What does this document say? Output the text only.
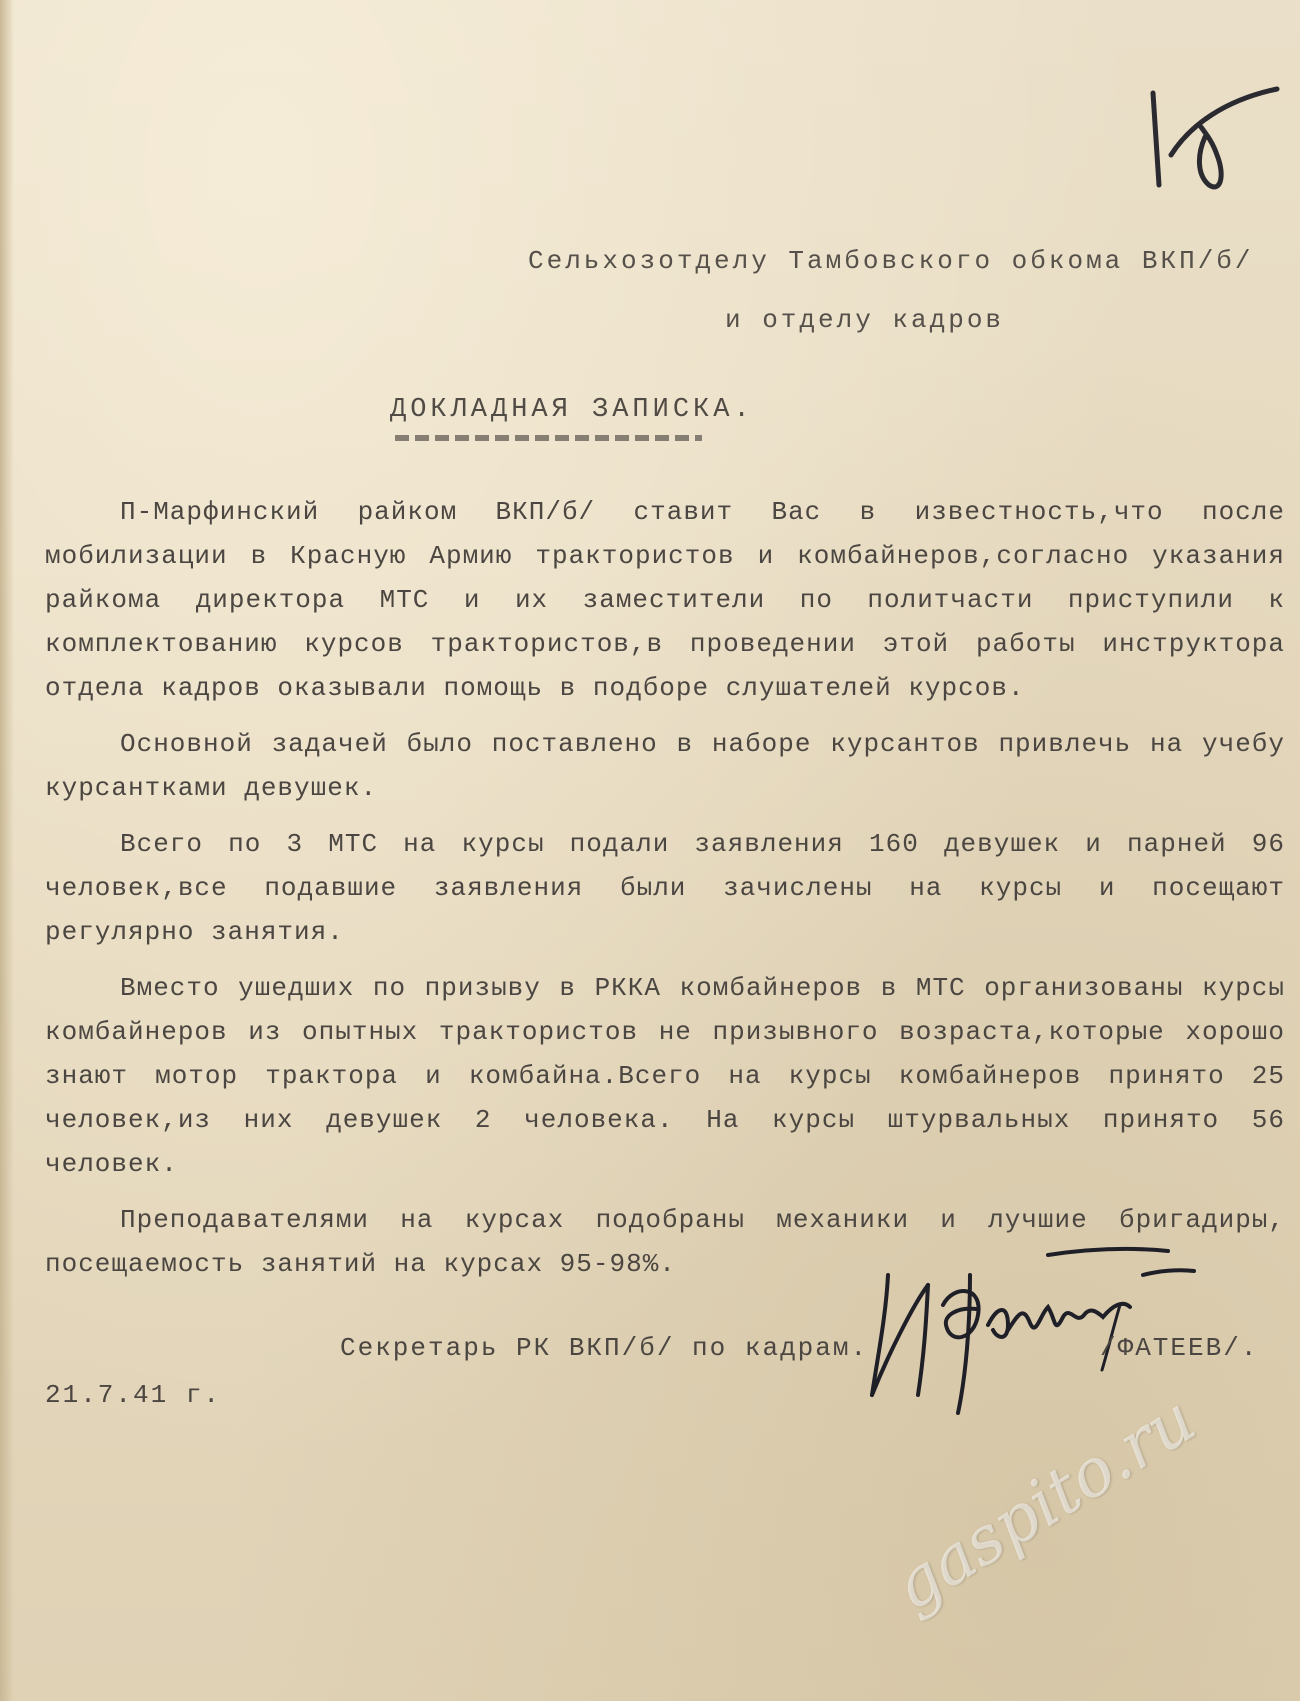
Сельхозотделу Тамбовского обкома ВКП/б/
и отделу кадров
ДОКЛАДНАЯ ЗАПИСКА.

П-Марфинский райком ВКП/б/ ставит Вас в известность,что после мобилизации в Красную Армию трактористов и комбайнеров,согласно указания райкома директора МТС и их заместители по политчасти приступили к комплектованию курсов трактористов,в проведении этой работы инструктора отдела кадров оказывали помощь в подборе слушателей курсов.

Основной задачей было поставлено в наборе курсантов привлечь на учебу курсантками девушек.

Всего по 3 МТС на курсы подали заявления 160 девушек и парней 96 человек,все подавшие заявления были зачислены на курсы и посещают регулярно занятия.

Вместо ушедших по призыву в РККА комбайнеров в МТС организованы курсы комбайнеров из опытных трактористов не призывного возраста,которые хорошо знают мотор трактора и комбайна.Всего на курсы комбайнеров принято 25 человек,из них девушек 2 человека. На курсы штурвальных принято 56 человек.

Преподавателями на курсах подобраны механики и лучшие бригадиры, посещаемость занятий на курсах 95-98%.

Секретарь РК ВКП/б/ по кадрам.	/ФАТЕЕВ/.
21.7.41 г.	gaspito.ru
